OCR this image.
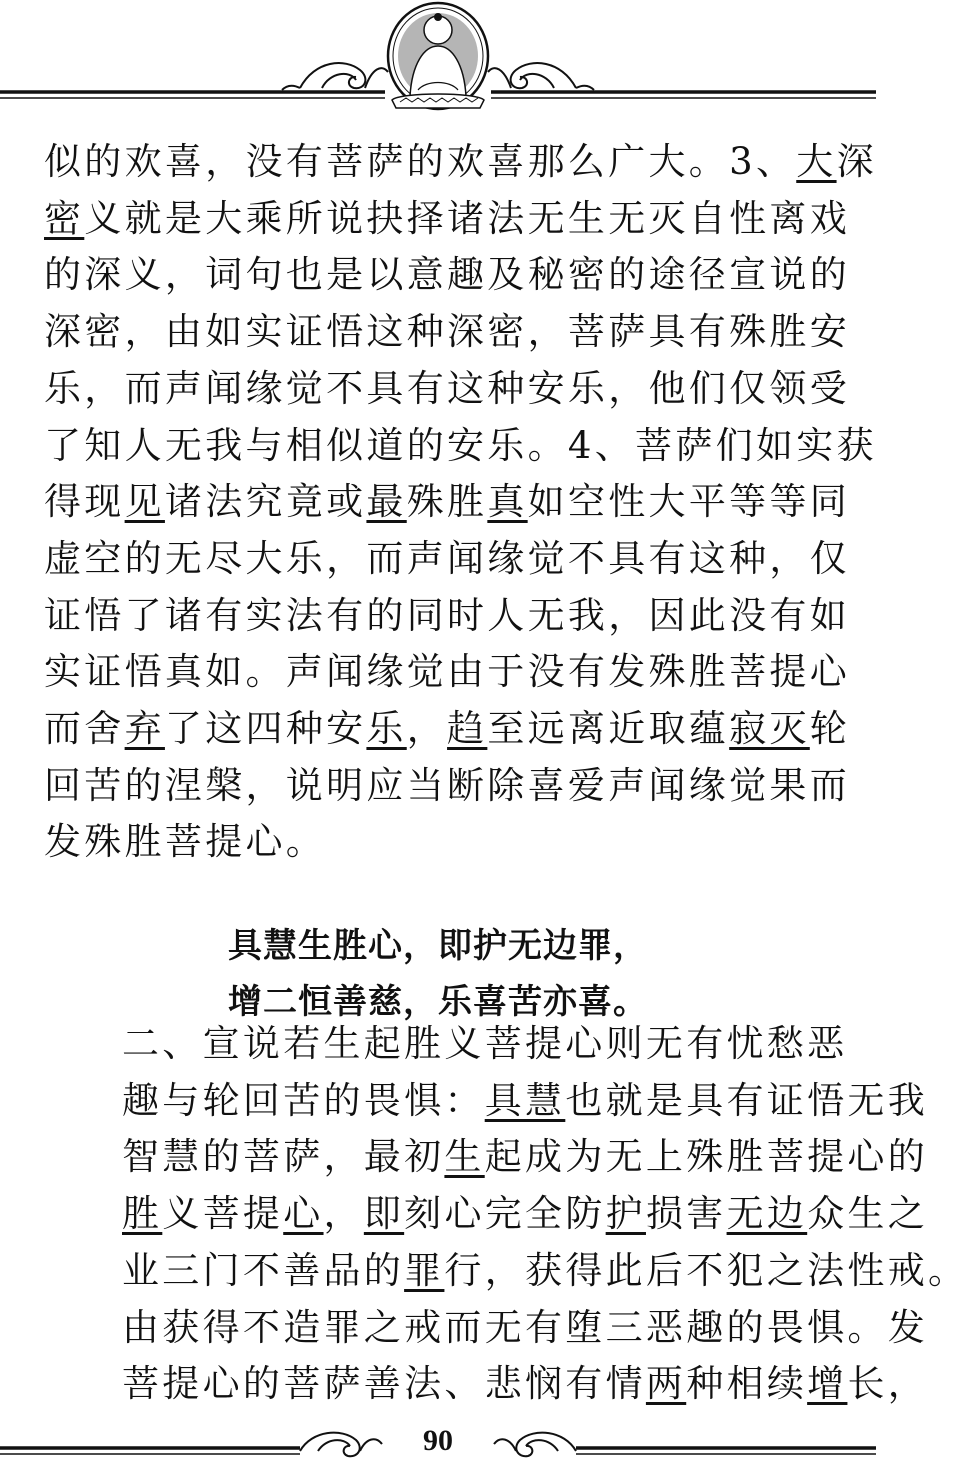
似的欢喜，没有菩萨的欢喜那么广大。3、大深
密义就是大乘所说抉择诸法无生无灭自性离戏
的深义，词句也是以意趣及秘密的途径宣说的
深密，由如实证悟这种深密，菩萨具有殊胜安
乐，而声闻缘觉不具有这种安乐，他们仅领受
了知人无我与相似道的安乐。4、菩萨们如实获
得现见诸法究竟或最殊胜真如空性大平等等同
虚空的无尽大乐，而声闻缘觉不具有这种，仅
证悟了诸有实法有的同时人无我，因此没有如
实证悟真如。声闻缘觉由于没有发殊胜菩提心
而舍弃了这四种安乐，趋至远离近取蕴寂灭轮
回苦的涅槃，说明应当断除喜爱声闻缘觉果而
发殊胜菩提心。
具慧生胜心，即护无边罪，
增二恒善慈，乐喜苦亦喜。
二、宣说若生起胜义菩提心则无有忧愁恶
趣与轮回苦的畏惧：具慧也就是具有证悟无我
智慧的菩萨，最初生起成为无上殊胜菩提心的
胜义菩提心，即刻心完全防护损害无边众生之
业三门不善品的罪行，获得此后不犯之法性戒。
由获得不造罪之戒而无有堕三恶趣的畏惧。发
菩提心的菩萨善法、悲悯有情两种相续增长，
90
